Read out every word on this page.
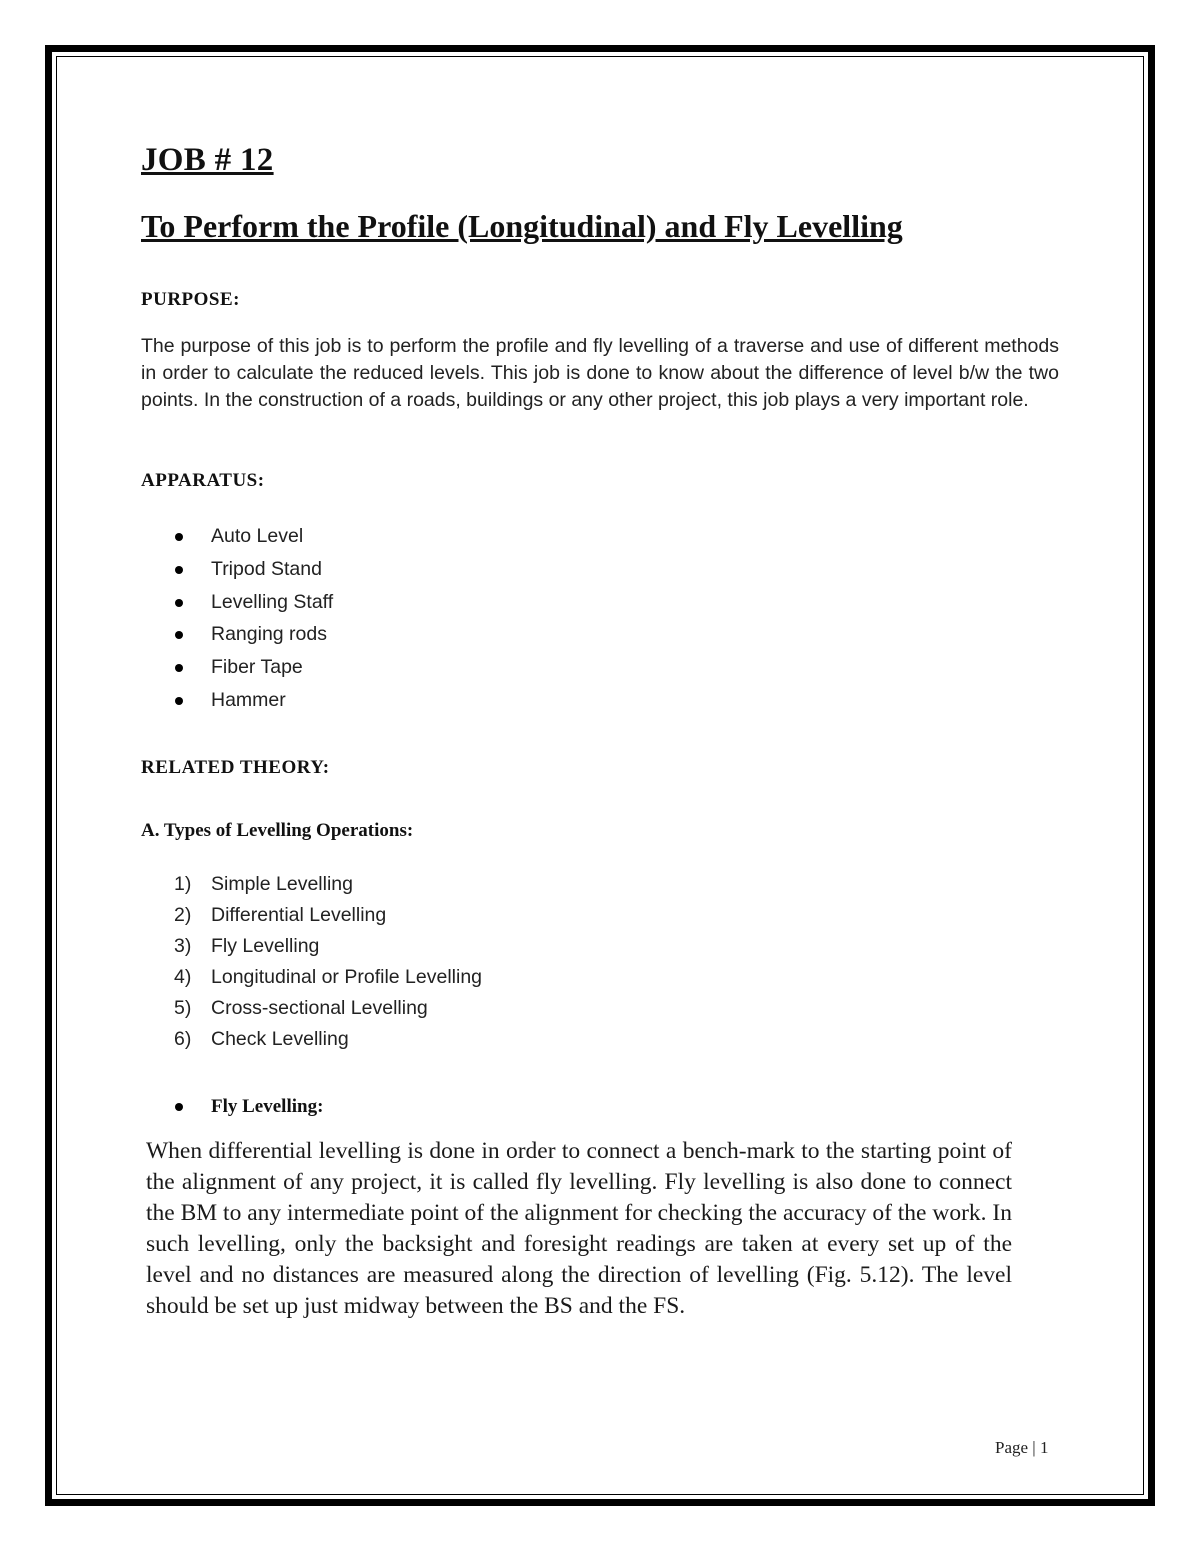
JOB # 12
To Perform the Profile (Longitudinal) and Fly Levelling
PURPOSE:

The purpose of this job is to perform the profile and fly levelling of a traverse and use of different methods in order to calculate the reduced levels. This job is done to know about the difference of level b/w the two points. In the construction of a roads, buildings or any other project, this job plays a very important role.

APPARATUS:
Auto Level
Tripod Stand
Levelling Staff
Ranging rods
Fiber Tape
Hammer
RELATED THEORY:
A. Types of Levelling Operations:
1) Simple Levelling
2) Differential Levelling
3) Fly Levelling
4) Longitudinal or Profile Levelling
5) Cross-sectional Levelling
6) Check Levelling
Fly Levelling:

When differential levelling is done in order to connect a bench-mark to the starting point of the alignment of any project, it is called fly levelling. Fly levelling is also done to connect the BM to any intermediate point of the alignment for checking the accuracy of the work. In such levelling, only the backsight and foresight readings are taken at every set up of the level and no distances are measured along the direction of levelling (Fig. 5.12). The level should be set up just midway between the BS and the FS.

Page | 1
